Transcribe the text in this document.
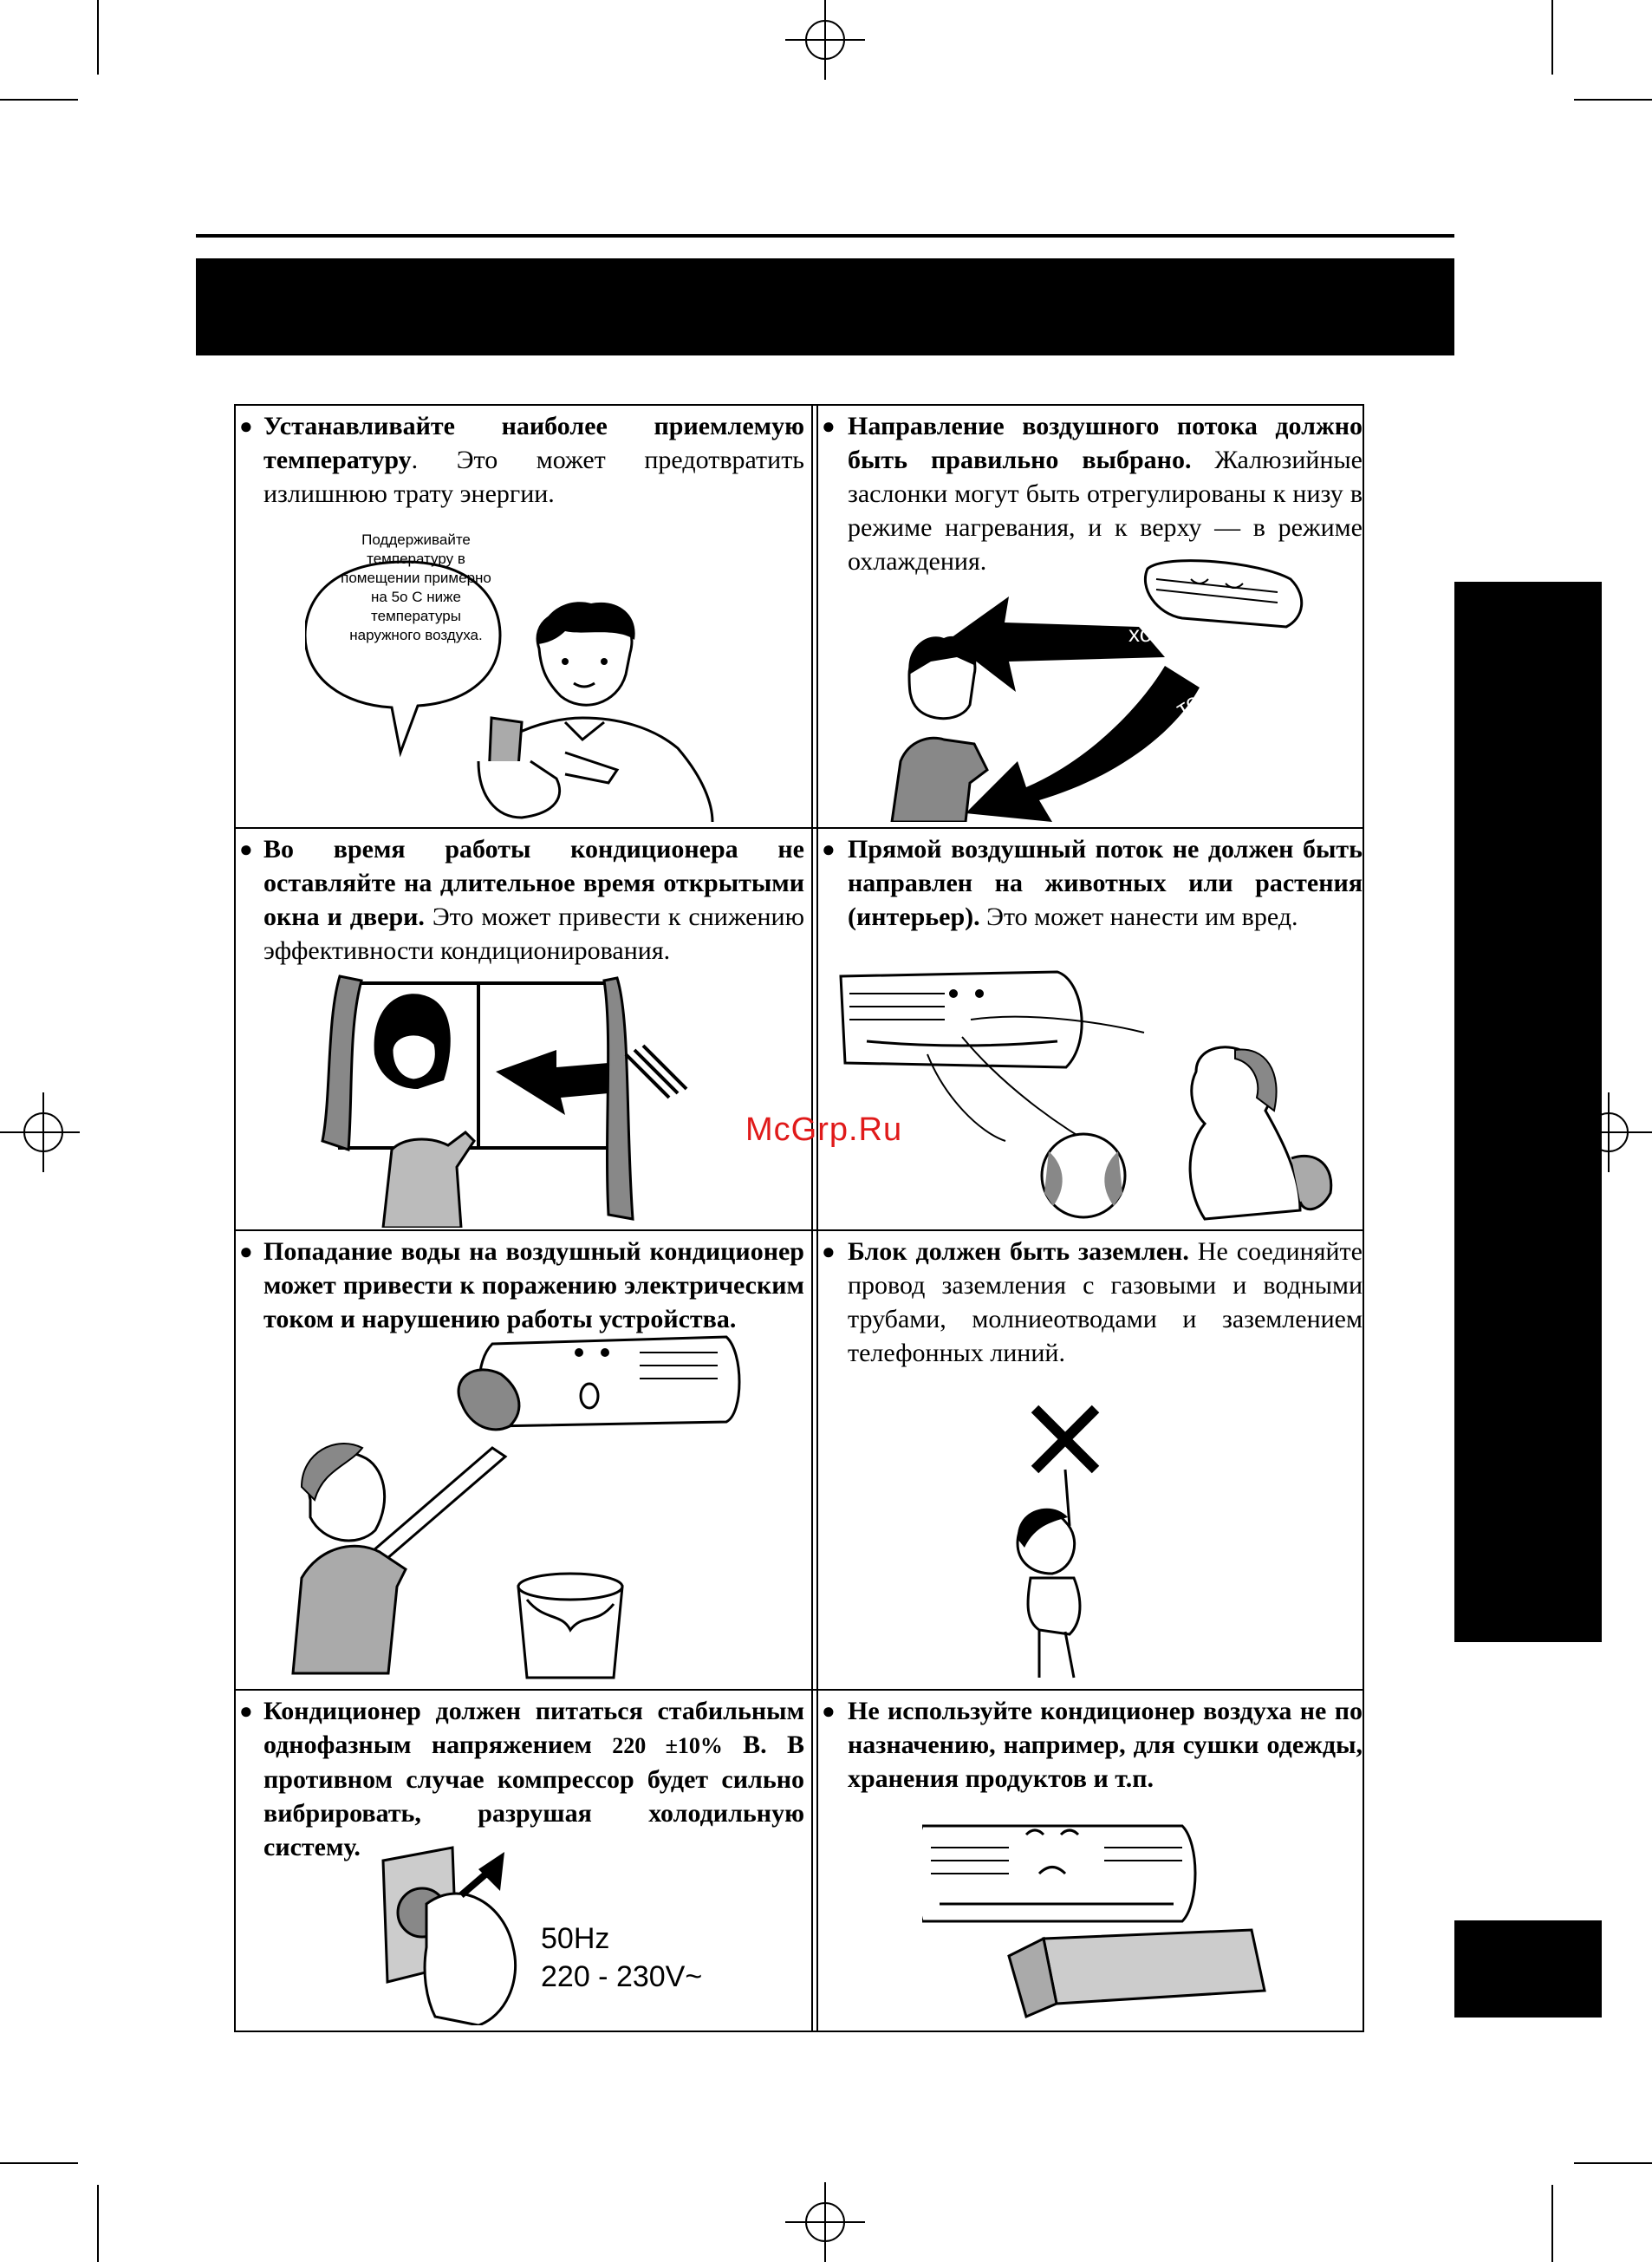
● Устанавливайте наиболее приемлемую температуру. Это может предотвратить излишнюю трату энергии.
Поддерживайте температуру в помещении примерно на 5о С ниже температуры наружного воздуха.
● Направление воздушного потока должно быть правильно выбрано. Жалюзийные заслонки могут быть отрегулированы к низу в режиме нагревания, и к верху — в режиме охлаждения.
холод
тепло
● Во время работы кондиционера не оставляйте на длительное время открытыми окна и двери. Это может привести к снижению эффективности кондиционирования.
● Прямой воздушный поток не должен быть направлен на животных или растения (интерьер). Это может нанести им вред.
● Попадание воды на воздушный кондиционер может привести к поражению электрическим током и нарушению работы устройства.
● Блок должен быть заземлен. Не соединяйте провод заземления с газовыми и водными трубами, молниеотводами и заземлением телефонных линий.
● Кондиционер должен питаться стабильным однофазным напряжением 220 ±10% В. В противном случае компрессор будет сильно вибрировать, разрушая холодильную систему.
50Hz
220 - 230V~
● Не используйте кондиционер воздуха не по назначению, например, для сушки одежды, хранения продуктов и т.п.
McGrp.Ru
